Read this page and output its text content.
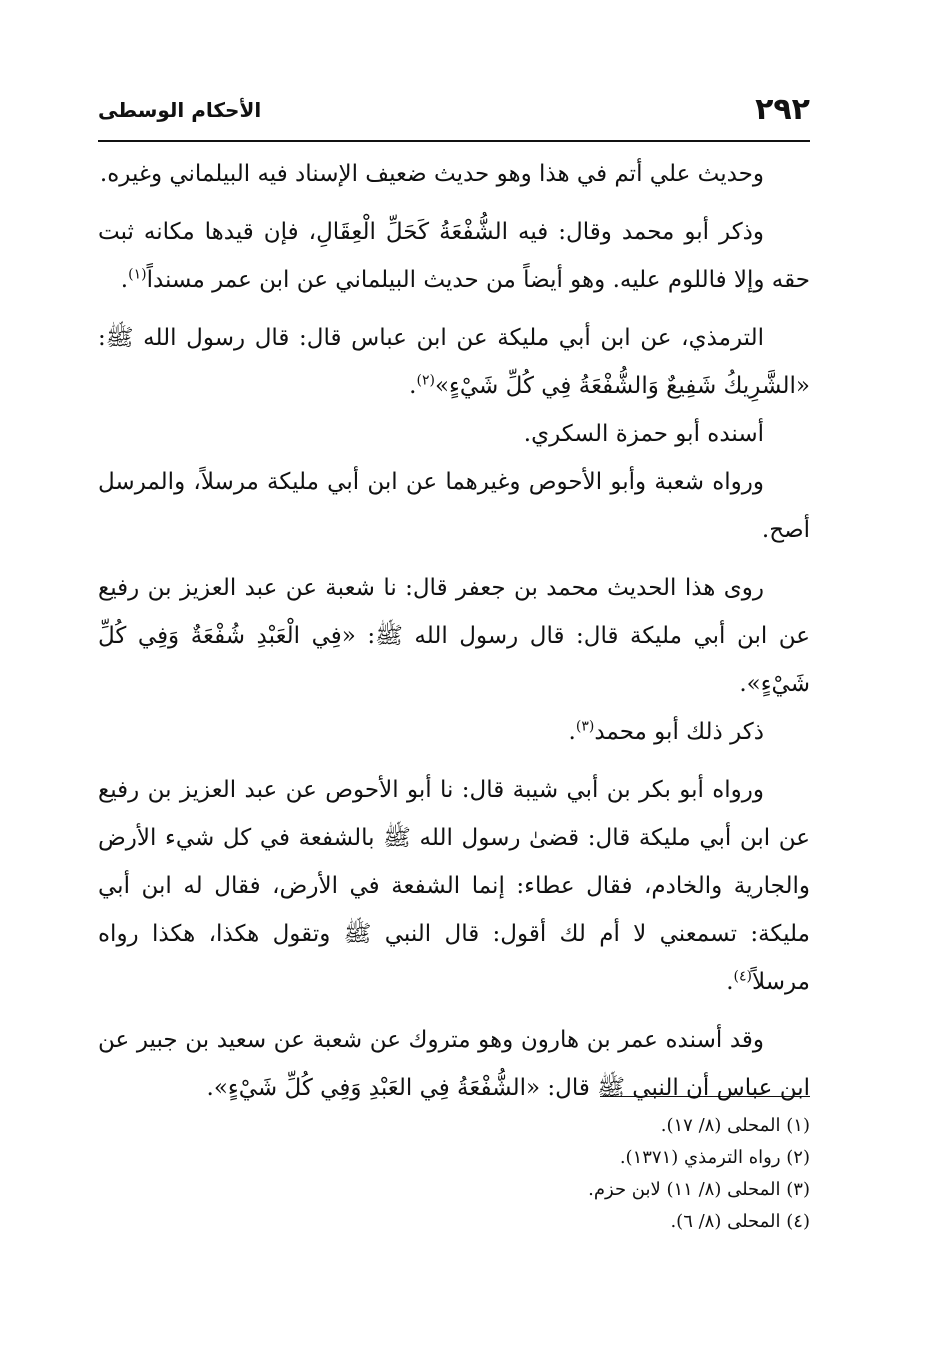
٢٩٢
الأحكام الوسطى

وحديث علي أتم في هذا وهو حديث ضعيف الإسناد فيه البيلماني وغيره.

وذكر أبو محمد وقال: فيه الشُّفْعَةُ كَحَلِّ الْعِقَالِ، فإن قيدها مكانه ثبت حقه وإلا فاللوم عليه. وهو أيضاً من حديث البيلماني عن ابن عمر مسنداً$^{(١)}$.

الترمذي، عن ابن أبي مليكة عن ابن عباس قال: قال رسول الله ﷺ: «الشَّرِيكُ شَفِيعٌ وَالشُّفْعَةُ فِي كُلِّ شَيْءٍ»$^{(٢)}$.

أسنده أبو حمزة السكري.

ورواه شعبة وأبو الأحوص وغيرهما عن ابن أبي مليكة مرسلاً، والمرسل أصح.

روى هذا الحديث محمد بن جعفر قال: نا شعبة عن عبد العزيز بن رفيع عن ابن أبي مليكة قال: قال رسول الله ﷺ: «فِي الْعَبْدِ شُفْعَةٌ وَفِي كُلِّ شَيْءٍ».

ذكر ذلك أبو محمد$^{(٣)}$.

ورواه أبو بكر بن أبي شيبة قال: نا أبو الأحوص عن عبد العزيز بن رفيع عن ابن أبي مليكة قال: قضىٰ رسول الله ﷺ بالشفعة في كل شيء الأرض والجارية والخادم، فقال عطاء: إنما الشفعة في الأرض، فقال له ابن أبي مليكة: تسمعني لا أم لك أقول: قال النبي ﷺ وتقول هكذا، هكذا رواه مرسلاً$^{(٤)}$.

وقد أسنده عمر بن هارون وهو متروك عن شعبة عن سعيد بن جبير عن ابن عباس أن النبي ﷺ قال: «الشُّفْعَةُ فِي العَبْدِ وَفِي كُلِّ شَيْءٍ».

(١) المحلى (٨/ ١٧).

(٢) رواه الترمذي (١٣٧١).

(٣) المحلى (٨/ ١١) لابن حزم.

(٤) المحلى (٨/ ٦).
